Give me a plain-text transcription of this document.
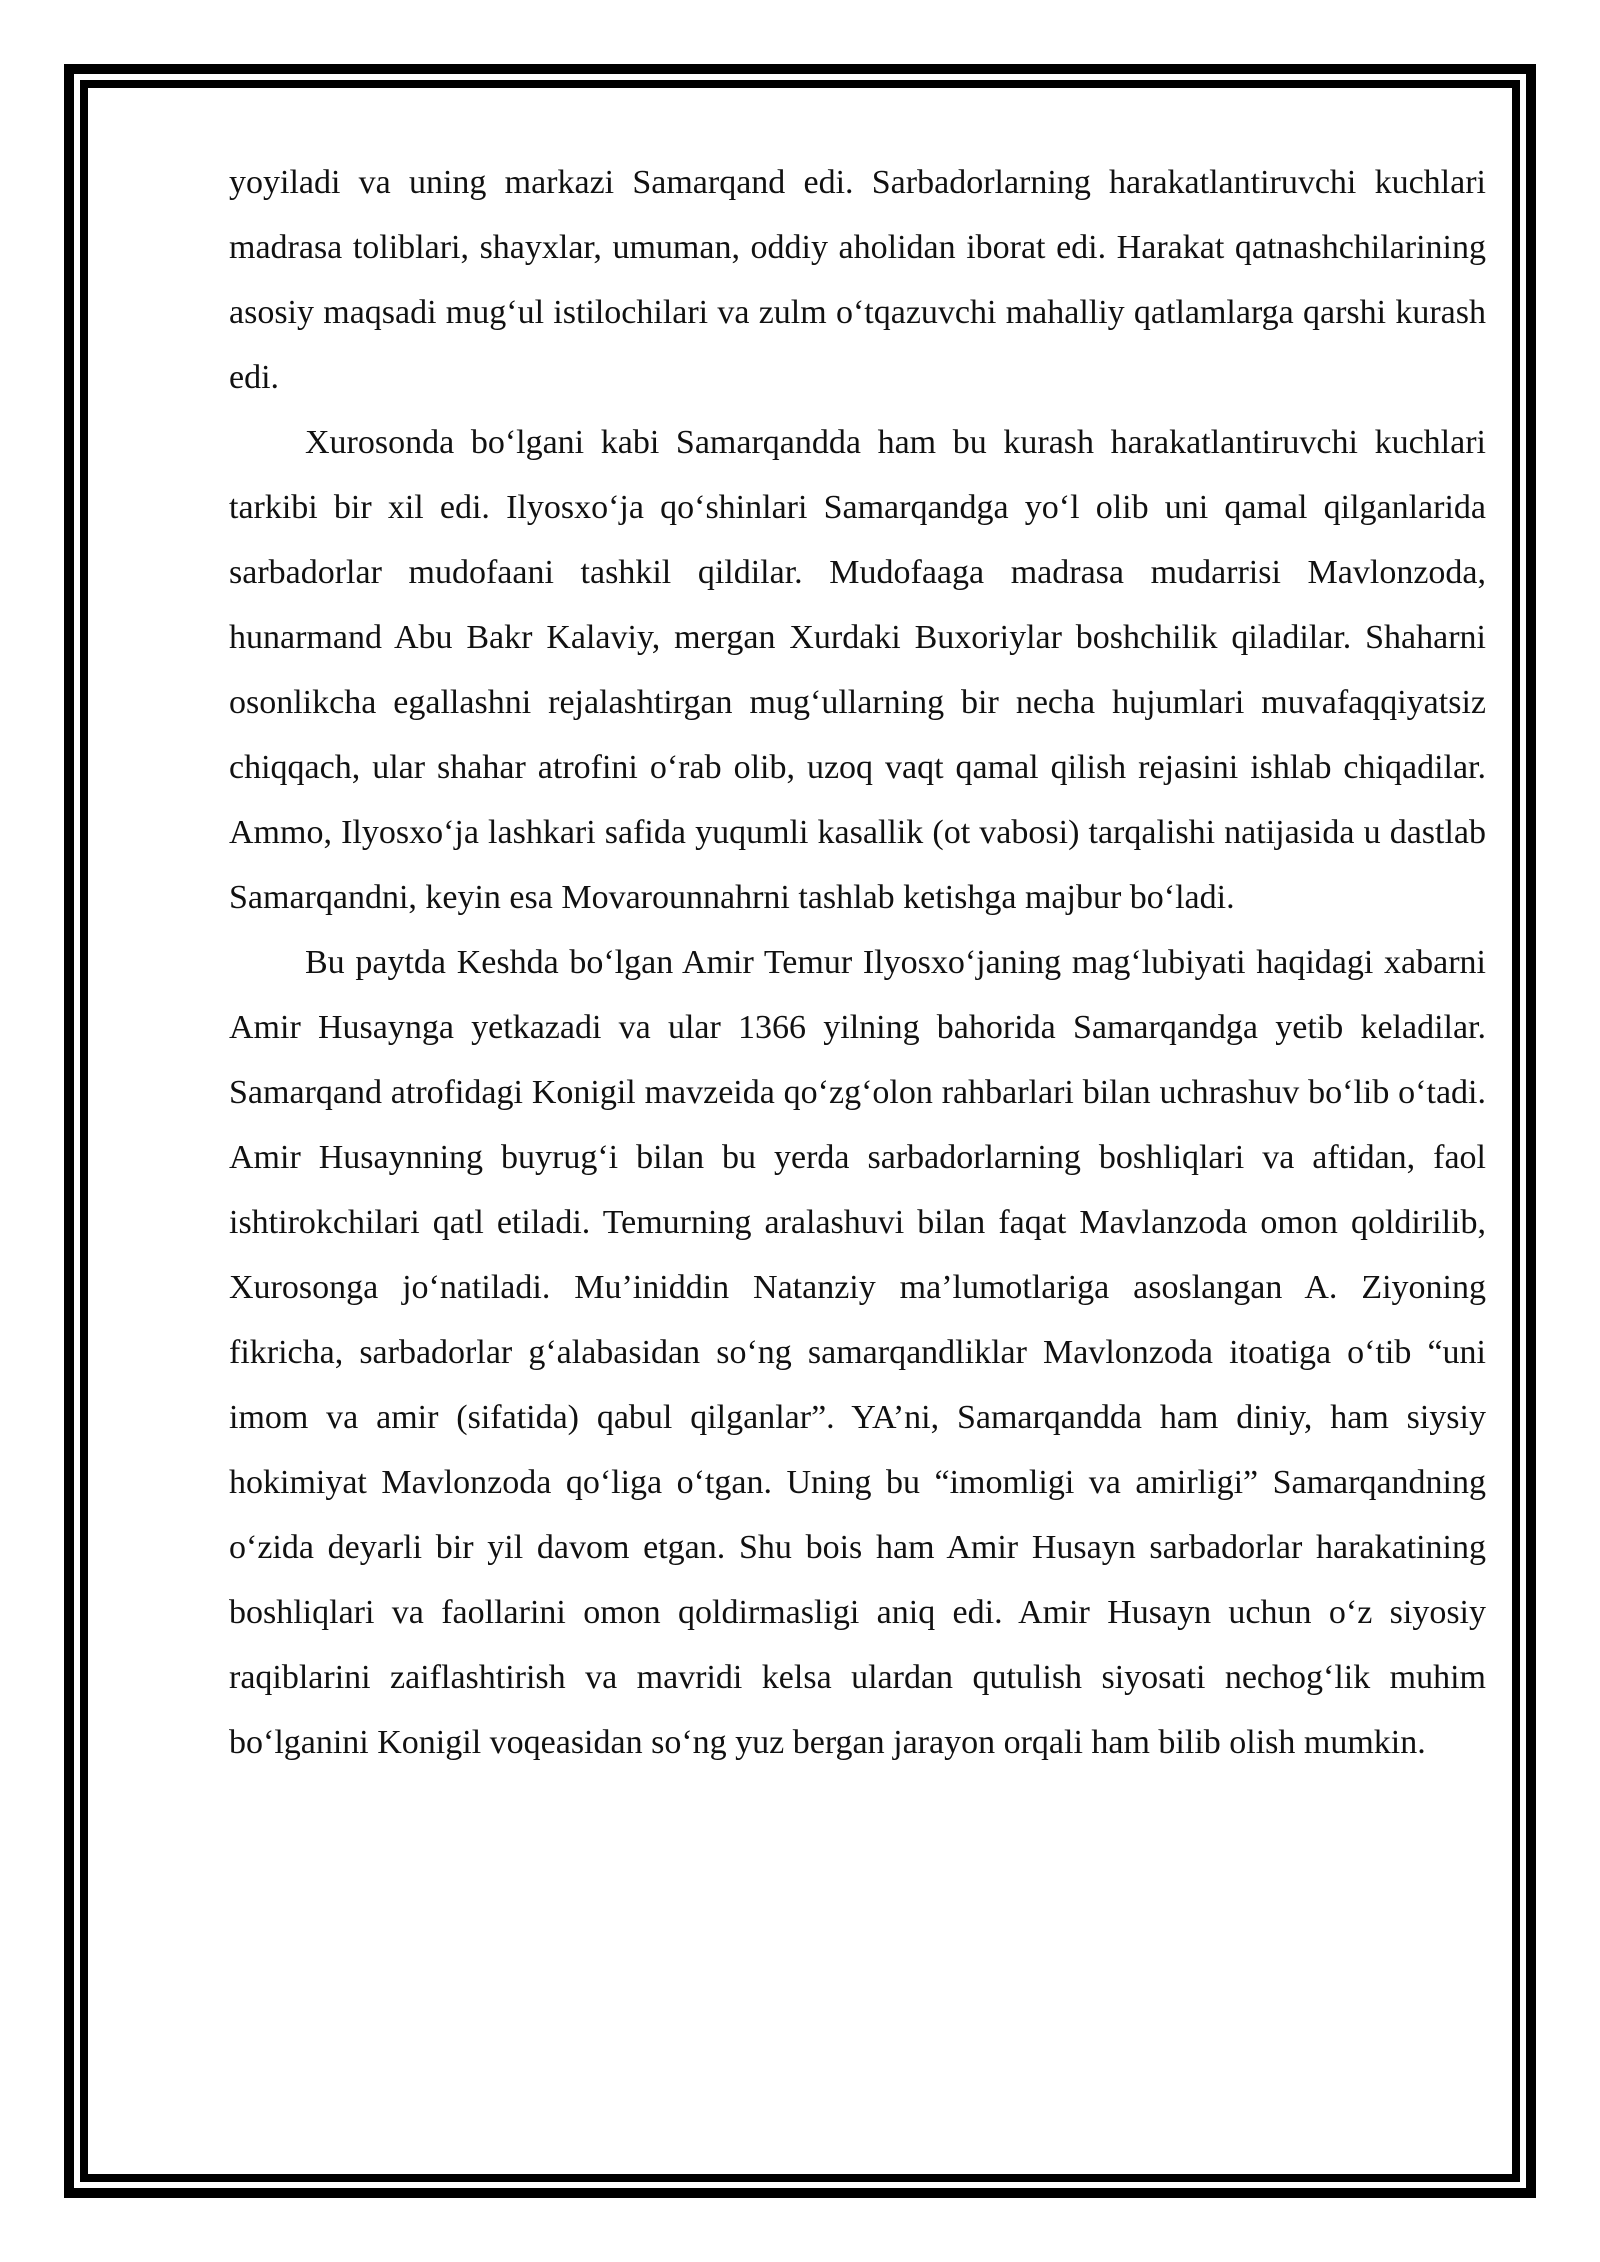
yoyiladi va uning markazi Samarqand edi. Sarbadorlarning harakatlantiruvchi kuchlari madrasa toliblari, shayxlar, umuman, oddiy aholidan iborat edi. Harakat qatnashchilarining asosiy maqsadi mug‘ul istilochilari va zulm o‘tqazuvchi mahalliy qatlamlarga qarshi kurash edi.

Xurosonda bo‘lgani kabi Samarqandda ham bu kurash harakatlantiruvchi kuchlari tarkibi bir xil edi. Ilyosxo‘ja qo‘shinlari Samarqandga yo‘l olib uni qamal qilganlarida sarbadorlar mudofaani tashkil qildilar. Mudofaaga madrasa mudarrisi Mavlonzoda, hunarmand Abu Bakr Kalaviy, mergan Xurdaki Buxoriylar boshchilik qiladilar. Shaharni osonlikcha egallashni rejalashtirgan mug‘ullarning bir necha hujumlari muvafaqqiyatsiz chiqqach, ular shahar atrofini o‘rab olib, uzoq vaqt qamal qilish rejasini ishlab chiqadilar. Ammo, Ilyosxo‘ja lashkari safida yuqumli kasallik (ot vabosi) tarqalishi natijasida u dastlab Samarqandni, keyin esa Movarounnahrni tashlab ketishga majbur bo‘ladi.

Bu paytda Keshda bo‘lgan Amir Temur Ilyosxo‘janing mag‘lubiyati haqidagi xabarni Amir Husaynga yetkazadi va ular 1366 yilning bahorida Samarqandga yetib keladilar. Samarqand atrofidagi Konigil mavzeida qo‘zg‘olon rahbarlari bilan uchrashuv bo‘lib o‘tadi. Amir Husaynning buyrug‘i bilan bu yerda sarbadorlarning boshliqlari va aftidan, faol ishtirokchilari qatl etiladi. Temurning aralashuvi bilan faqat Mavlanzoda omon qoldirilib, Xurosonga jo‘natiladi. Mu’iniddin Natanziy ma’lumotlariga asoslangan A. Ziyoning fikricha, sarbadorlar g‘alabasidan so‘ng samarqandliklar Mavlonzoda itoatiga o‘tib “uni imom va amir (sifatida) qabul qilganlar”. YA’ni, Samarqandda ham diniy, ham siysiy hokimiyat Mavlonzoda qo‘liga o‘tgan. Uning bu “imomligi va amirligi” Samarqandning o‘zida deyarli bir yil davom etgan. Shu bois ham Amir Husayn sarbadorlar harakatining boshliqlari va faollarini omon qoldirmasligi aniq edi. Amir Husayn uchun o‘z siyosiy raqiblarini zaiflashtirish va mavridi kelsa ulardan qutulish siyosati nechog‘lik muhim bo‘lganini Konigil voqeasidan so‘ng yuz bergan jarayon orqali ham bilib olish mumkin.
